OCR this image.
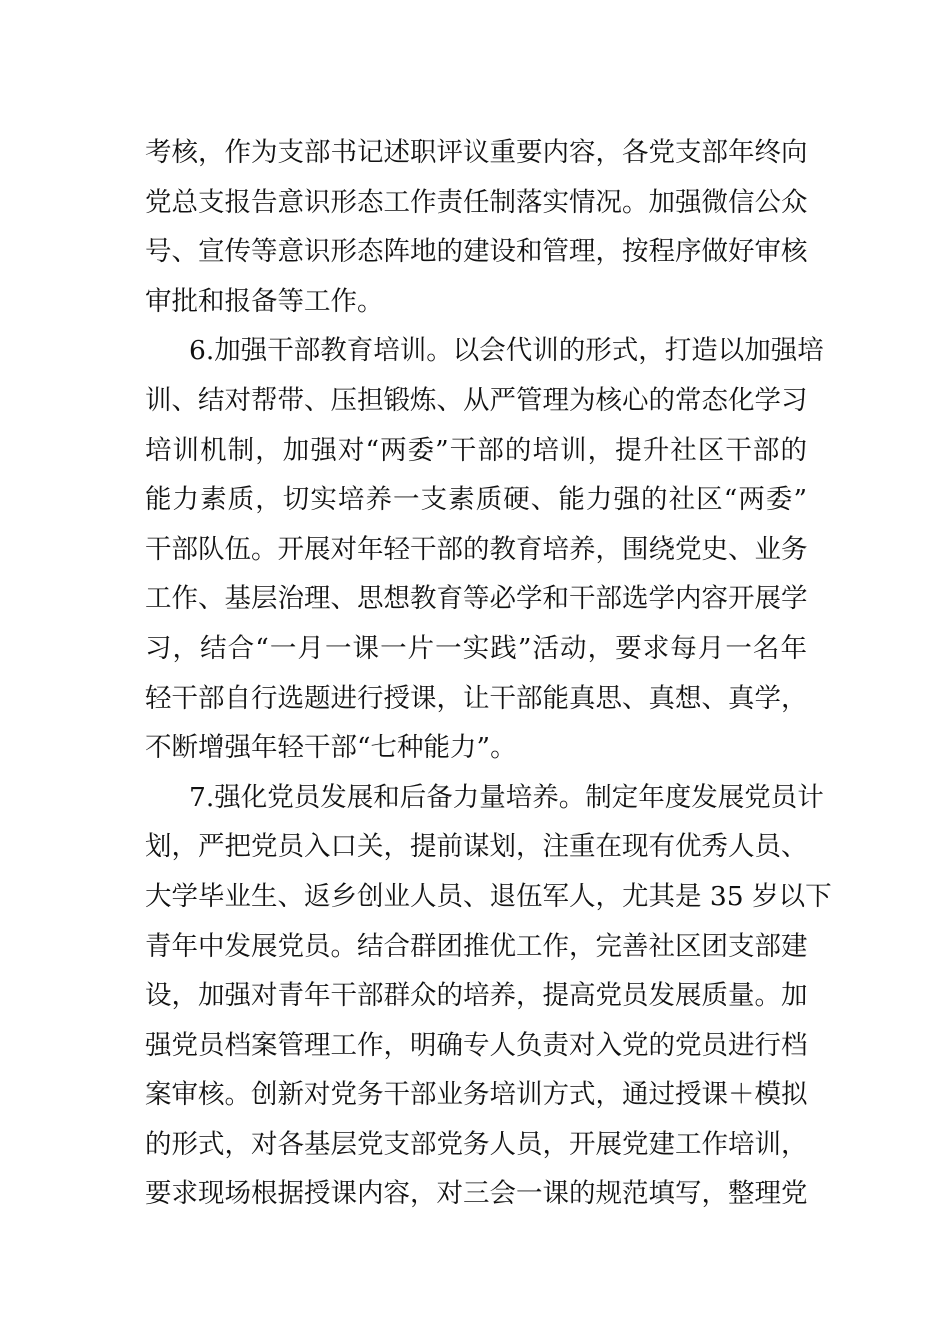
考核，作为支部书记述职评议重要内容，各党支部年终向
党总支报告意识形态工作责任制落实情况。加强微信公众
号、宣传等意识形态阵地的建设和管理，按程序做好审核
审批和报备等工作。
6.加强干部教育培训。以会代训的形式，打造以加强培
训、结对帮带、压担锻炼、从严管理为核心的常态化学习
培训机制，加强对“两委”干部的培训，提升社区干部的
能力素质，切实培养一支素质硬、能力强的社区“两委”
干部队伍。开展对年轻干部的教育培养，围绕党史、业务
工作、基层治理、思想教育等必学和干部选学内容开展学
习，结合“一月一课一片一实践”活动，要求每月一名年
轻干部自行选题进行授课，让干部能真思、真想、真学，
不断增强年轻干部“七种能力”。
7.强化党员发展和后备力量培养。制定年度发展党员计
划，严把党员入口关，提前谋划，注重在现有优秀人员、
大学毕业生、返乡创业人员、退伍军人，尤其是 35 岁以下
青年中发展党员。结合群团推优工作，完善社区团支部建
设，加强对青年干部群众的培养，提高党员发展质量。加
强党员档案管理工作，明确专人负责对入党的党员进行档
案审核。创新对党务干部业务培训方式，通过授课＋模拟
的形式，对各基层党支部党务人员，开展党建工作培训，
要求现场根据授课内容，对三会一课的规范填写，整理党
